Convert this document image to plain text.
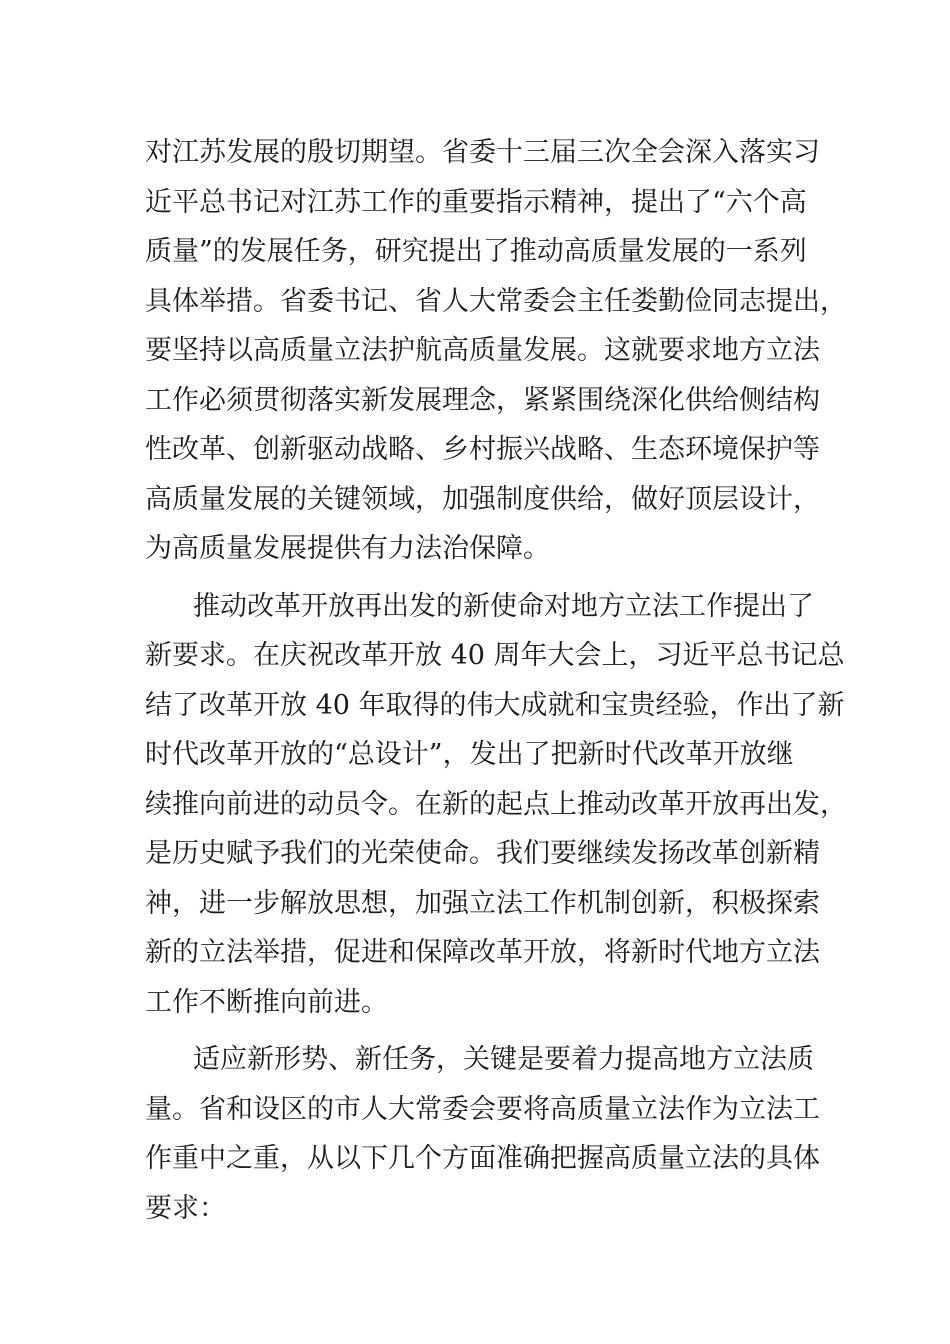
对江苏发展的殷切期望。省委十三届三次全会深入落实习
近平总书记对江苏工作的重要指示精神，提出了“六个高
质量”的发展任务，研究提出了推动高质量发展的一系列
具体举措。省委书记、省人大常委会主任娄勤俭同志提出，
要坚持以高质量立法护航高质量发展。这就要求地方立法
工作必须贯彻落实新发展理念，紧紧围绕深化供给侧结构
性改革、创新驱动战略、乡村振兴战略、生态环境保护等
高质量发展的关键领域，加强制度供给，做好顶层设计，
为高质量发展提供有力法治保障。
推动改革开放再出发的新使命对地方立法工作提出了
新要求。在庆祝改革开放 40 周年大会上，习近平总书记总
结了改革开放 40 年取得的伟大成就和宝贵经验，作出了新
时代改革开放的“总设计”，发出了把新时代改革开放继
续推向前进的动员令。在新的起点上推动改革开放再出发，
是历史赋予我们的光荣使命。我们要继续发扬改革创新精
神，进一步解放思想，加强立法工作机制创新，积极探索
新的立法举措，促进和保障改革开放，将新时代地方立法
工作不断推向前进。
适应新形势、新任务，关键是要着力提高地方立法质
量。省和设区的市人大常委会要将高质量立法作为立法工
作重中之重，从以下几个方面准确把握高质量立法的具体
要求：
